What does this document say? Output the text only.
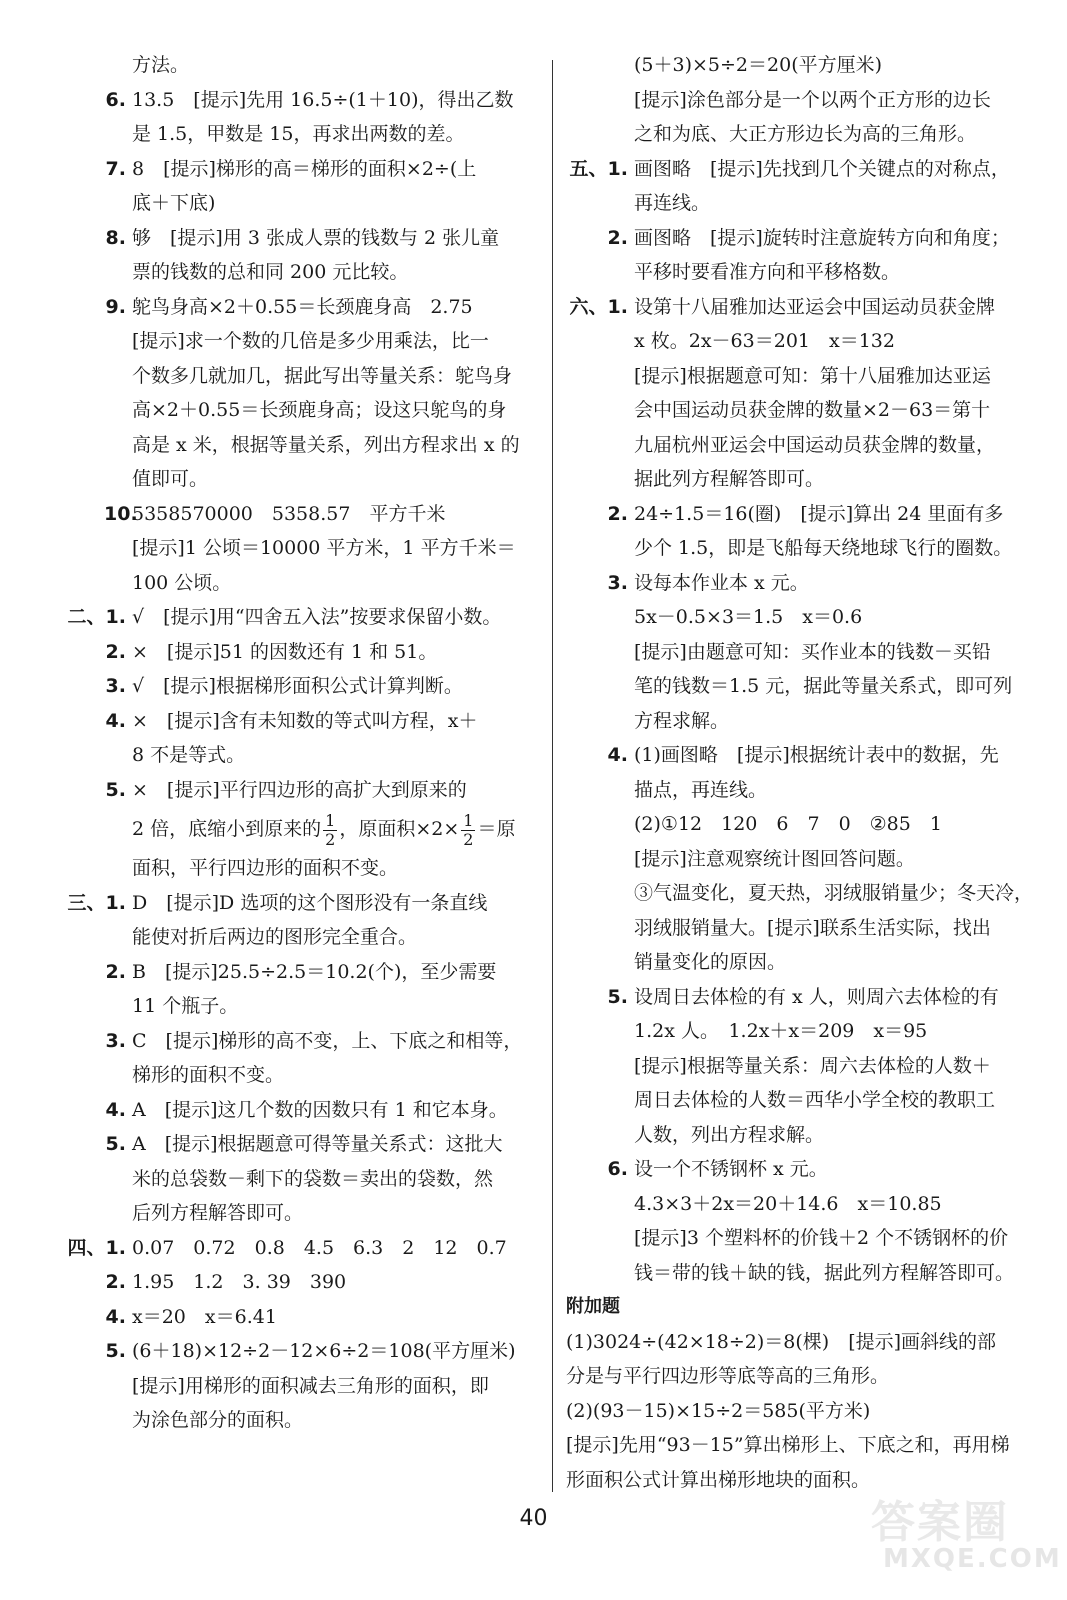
方法。
6. 13.5　[提示]先用 16.5÷(1＋10)，得出乙数
是 1.5，甲数是 15，再求出两数的差。
7. 8　[提示]梯形的高＝梯形的面积×2÷(上
底＋下底)
8. 够　[提示]用 3 张成人票的钱数与 2 张儿童
票的钱数的总和同 200 元比较。
9. 鸵鸟身高×2＋0.55＝长颈鹿身高　2.75
[提示]求一个数的几倍是多少用乘法，比一
个数多几就加几，据此写出等量关系：鸵鸟身
高×2＋0.55＝长颈鹿身高；设这只鸵鸟的身
高是 x 米，根据等量关系，列出方程求出 x 的
值即可。
10.
5358570000　5358.57　平方千米
[提示]1 公顷＝10000 平方米，1 平方千米＝
100 公顷。
二、1. √　[提示]用“四舍五入法”按要求保留小数。
2. ×　[提示]51 的因数还有 1 和 51。
3. √　[提示]根据梯形面积公式计算判断。
4. ×　[提示]含有未知数的等式叫方程，x＋
8 不是等式。
5. ×　[提示]平行四边形的高扩大到原来的
2 倍，底缩小到原来的 $\frac{1}{2}$ ，原面积$\times 2\times \frac{1}{2}$ ＝原
面积，平行四边形的面积不变。
三、1. D　[提示]D 选项的这个图形没有一条直线
能使对折后两边的图形完全重合。
2. B　[提示]25.5÷2.5＝10.2(个)，至少需要
11 个瓶子。
3. C　[提示]梯形的高不变，上、下底之和相等，
梯形的面积不变。
4. A　[提示]这几个数的因数只有 1 和它本身。
5. A　[提示]根据题意可得等量关系式：这批大
米的总袋数－剩下的袋数＝卖出的袋数，然
后列方程解答即可。
四、1. 0.07　0.72　0.8　4.5　6.3　2　12　0.7
2. 1.95　1.2　3. 39　390
4. x＝20　x＝6.41
5. (6＋18)×12÷2－12×6÷2＝108(平方厘米)
[提示]用梯形的面积减去三角形的面积，即
为涂色部分的面积。
(5＋3)×5÷2＝20(平方厘米)
[提示]涂色部分是一个以两个正方形的边长
之和为底、大正方形边长为高的三角形。
五、1. 画图略　[提示]先找到几个关键点的对称点，
再连线。
2. 画图略　[提示]旋转时注意旋转方向和角度；
平移时要看准方向和平移格数。
六、1. 设第十八届雅加达亚运会中国运动员获金牌
x 枚。2x－63＝201　x＝132
[提示]根据题意可知：第十八届雅加达亚运
会中国运动员获金牌的数量×2－63＝第十
九届杭州亚运会中国运动员获金牌的数量，
据此列方程解答即可。
2. 24÷1.5＝16(圈)　[提示]算出 24 里面有多
少个 1.5，即是飞船每天绕地球飞行的圈数。
3. 设每本作业本 x 元。
5x－0.5×3＝1.5　x＝0.6
[提示]由题意可知：买作业本的钱数－买铅
笔的钱数＝1.5 元，据此等量关系式，即可列
方程求解。
4. (1)画图略　[提示]根据统计表中的数据，先
描点，再连线。
(2)①12　120　6　7　0　②85　1
[提示]注意观察统计图回答问题。
③气温变化，夏天热，羽绒服销量少；冬天冷，
羽绒服销量大。[提示]联系生活实际，找出
销量变化的原因。
5. 设周日去体检的有 x 人，则周六去体检的有
1.2x 人。　1.2x＋x＝209　x＝95
[提示]根据等量关系：周六去体检的人数＋
周日去体检的人数＝西华小学全校的教职工
人数，列出方程求解。
6. 设一个不锈钢杯 x 元。
4.3×3＋2x＝20＋14.6　x＝10.85
[提示]3 个塑料杯的价钱＋2 个不锈钢杯的价
钱＝带的钱＋缺的钱，据此列方程解答即可。
附加题
(1)3024÷(42×18÷2)＝8(棵)　[提示]画斜线的部
分是与平行四边形等底等高的三角形。
(2)(93－15)×15÷2＝585(平方米)
[提示]先用“93－15”算出梯形上、下底之和，再用梯
形面积公式计算出梯形地块的面积。
40	答案圈
MXQE.COM
